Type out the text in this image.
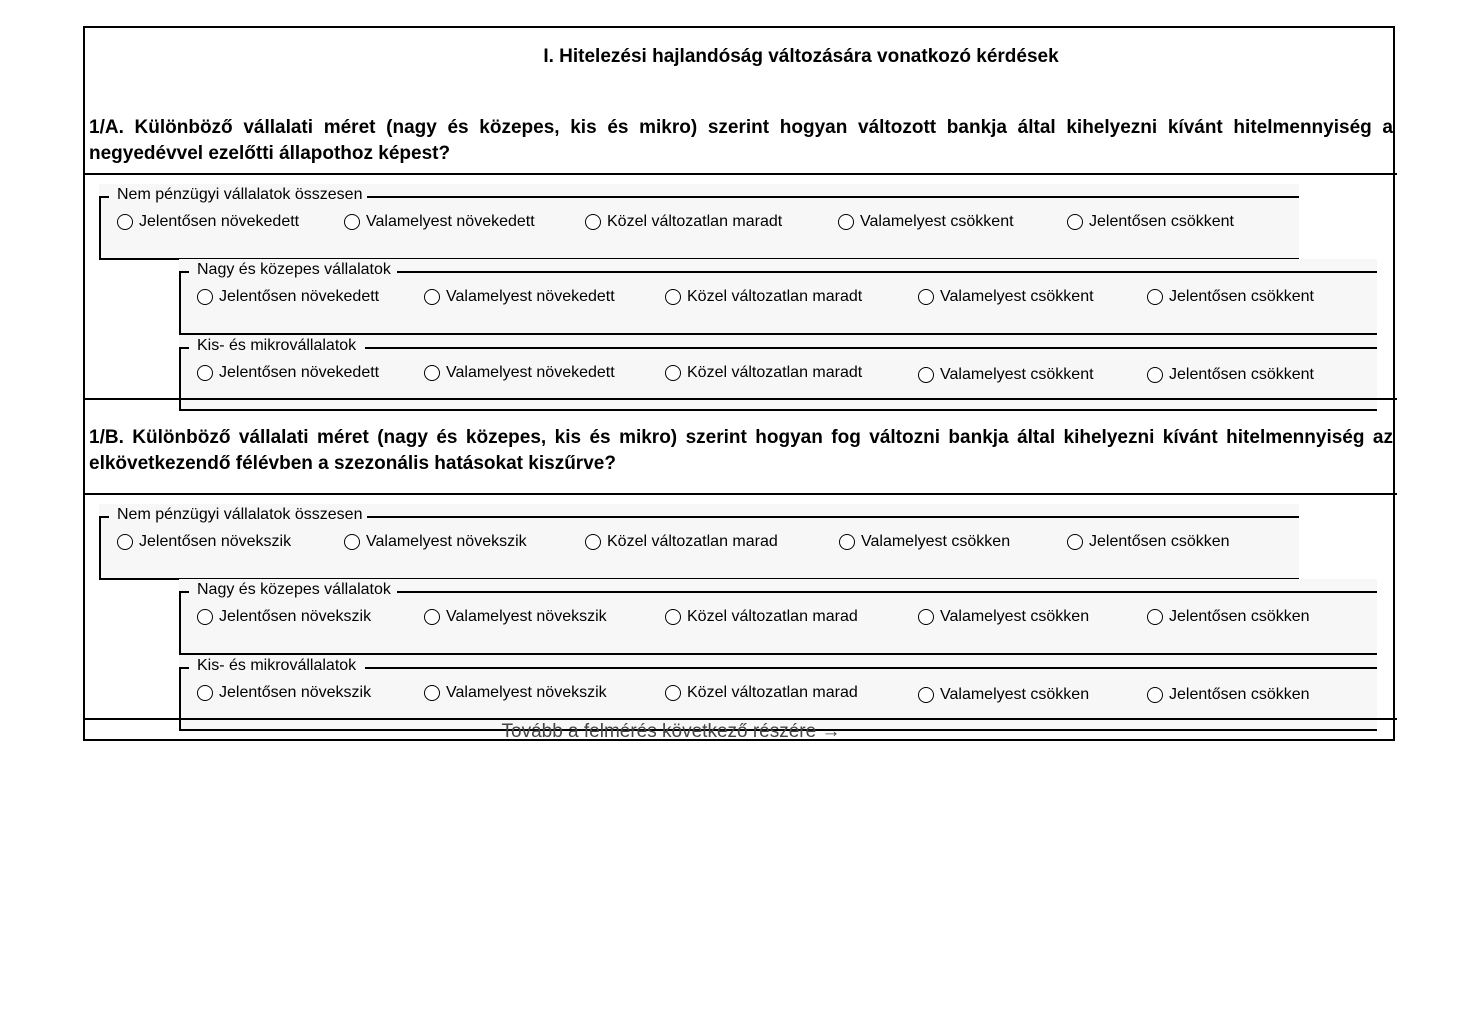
I. Hitelezési hajlandóság változására vonatkozó kérdések
1/A. Különböző vállalati méret (nagy és közepes, kis és mikro) szerint hogyan változott bankja által kihelyezni kívánt hitelmennyiség a negyedévvel ezelőtti állapothoz képest?
Nem pénzügyi vállalatok összesen
Jelentősen növekedett	Valamelyest növekedett	Közel változatlan maradt	Valamelyest csökkent	Jelentősen csökkent
Nagy és közepes vállalatok
Jelentősen növekedett	Valamelyest növekedett	Közel változatlan maradt	Valamelyest csökkent	Jelentősen csökkent
Kis- és mikrovállalatok
Jelentősen növekedett	Valamelyest növekedett	Közel változatlan maradt	Valamelyest csökkent	Jelentősen csökkent
1/B. Különböző vállalati méret (nagy és közepes, kis és mikro) szerint hogyan fog változni bankja által kihelyezni kívánt hitelmennyiség az elkövetkezendő félévben a szezonális hatásokat kiszűrve?
Nem pénzügyi vállalatok összesen
Jelentősen növekszik	Valamelyest növekszik	Közel változatlan marad	Valamelyest csökken	Jelentősen csökken
Nagy és közepes vállalatok
Jelentősen növekszik	Valamelyest növekszik	Közel változatlan marad	Valamelyest csökken	Jelentősen csökken
Kis- és mikrovállalatok
Jelentősen növekszik	Valamelyest növekszik	Közel változatlan marad	Valamelyest csökken	Jelentősen csökken
Tovább a felmérés következő részére →
